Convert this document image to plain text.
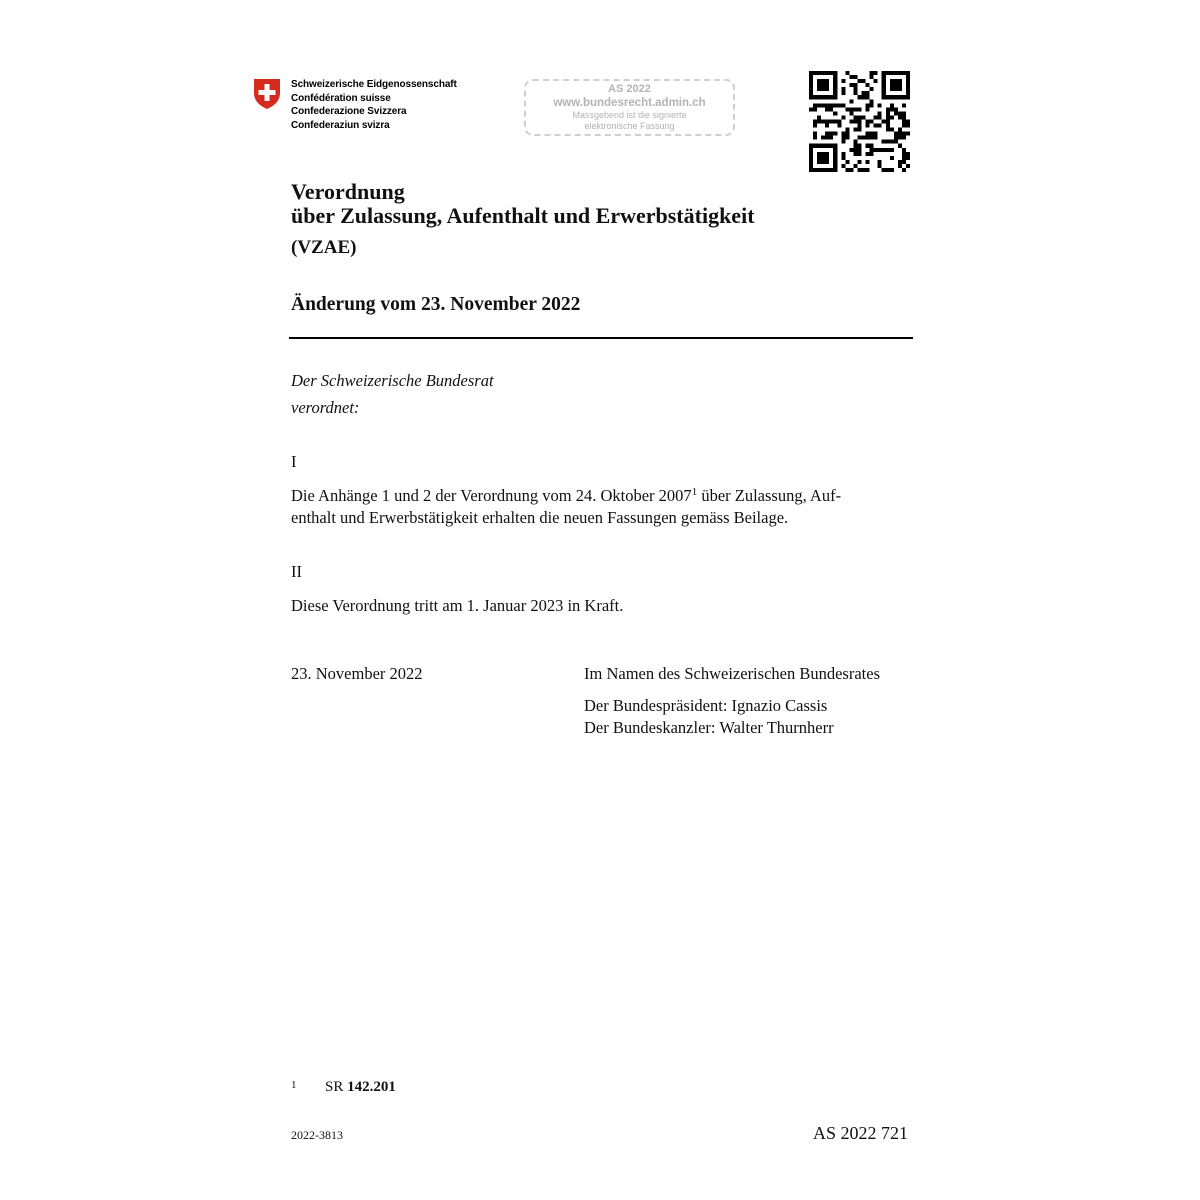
Schweizerische Eidgenossenschaft
Confédération suisse
Confederazione Svizzera
Confederaziun svizra
AS 2022
www.bundesrecht.admin.ch
Massgebend ist die signierte
elektronische Fassung
Verordnung
über Zulassung, Aufenthalt und Erwerbstätigkeit
(VZAE)
Änderung vom 23. November 2022
Der Schweizerische Bundesrat
verordnet:
I
Die Anhänge 1 und 2 der Verordnung vom 24. Oktober 2007$^1$ über Zulassung, Auf-
enthalt und Erwerbstätigkeit erhalten die neuen Fassungen gemäss Beilage.
II
Diese Verordnung tritt am 1. Januar 2023 in Kraft.
23. November 2022	Im Namen des Schweizerischen Bundesrates
Der Bundespräsident: Ignazio Cassis
Der Bundeskanzler: Walter Thurnherr
1 SR 142.201
2022-3813	AS 2022 721
